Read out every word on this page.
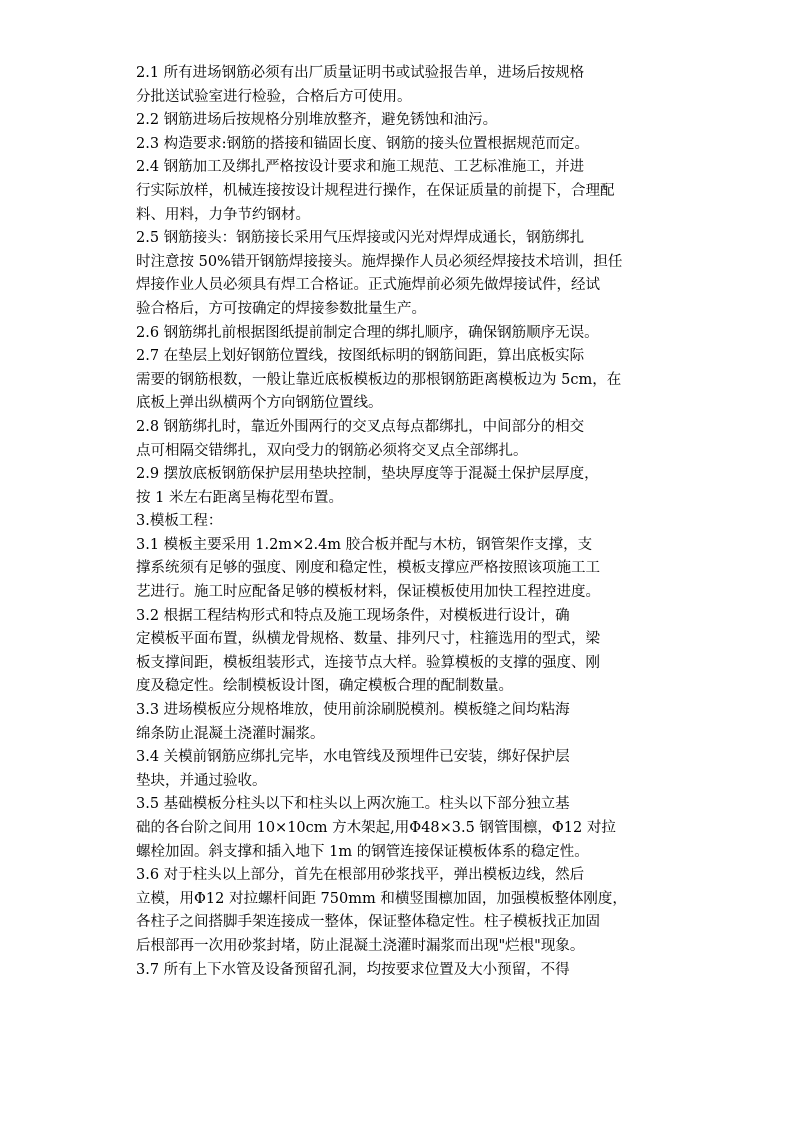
2.1 所有进场钢筋必须有出厂质量证明书或试验报告单，进场后按规格
分批送试验室进行检验，合格后方可使用。
2.2 钢筋进场后按规格分别堆放整齐，避免锈蚀和油污。
2.3 构造要求:钢筋的搭接和锚固长度、钢筋的接头位置根据规范而定。
2.4 钢筋加工及绑扎严格按设计要求和施工规范、工艺标准施工，并进
行实际放样，机械连接按设计规程进行操作，在保证质量的前提下，合理配
料、用料，力争节约钢材。
2.5 钢筋接头：钢筋接长采用气压焊接或闪光对焊焊成通长，钢筋绑扎
时注意按 50%错开钢筋焊接接头。施焊操作人员必须经焊接技术培训，担任
焊接作业人员必须具有焊工合格证。正式施焊前必须先做焊接试件，经试
验合格后，方可按确定的焊接参数批量生产。
2.6 钢筋绑扎前根据图纸提前制定合理的绑扎顺序，确保钢筋顺序无误。
2.7 在垫层上划好钢筋位置线，按图纸标明的钢筋间距，算出底板实际
需要的钢筋根数，一般让靠近底板模板边的那根钢筋距离模板边为 5cm，在
底板上弹出纵横两个方向钢筋位置线。
2.8 钢筋绑扎时，靠近外围两行的交叉点每点都绑扎，中间部分的相交
点可相隔交错绑扎，双向受力的钢筋必须将交叉点全部绑扎。
2.9 摆放底板钢筋保护层用垫块控制，垫块厚度等于混凝土保护层厚度，
按 1 米左右距离呈梅花型布置。
3.模板工程：
3.1 模板主要采用 1.2m×2.4m 胶合板并配与木枋，钢管架作支撑，支
撑系统须有足够的强度、刚度和稳定性，模板支撑应严格按照该项施工工
艺进行。施工时应配备足够的模板材料，保证模板使用加快工程控进度。
3.2 根据工程结构形式和特点及施工现场条件，对模板进行设计，确
定模板平面布置，纵横龙骨规格、数量、排列尺寸，柱箍选用的型式，梁
板支撑间距，模板组装形式，连接节点大样。验算模板的支撑的强度、刚
度及稳定性。绘制模板设计图，确定模板合理的配制数量。
3.3 进场模板应分规格堆放，使用前涂刷脱模剂。模板缝之间均粘海
绵条防止混凝土浇灌时漏浆。
3.4 关模前钢筋应绑扎完毕，水电管线及预埋件已安装，绑好保护层
垫块，并通过验收。
3.5 基础模板分柱头以下和柱头以上两次施工。柱头以下部分独立基
础的各台阶之间用 10×10cm 方木架起,用Φ48×3.5 钢管围檩，Φ12 对拉
螺栓加固。斜支撑和插入地下 1m 的钢管连接保证模板体系的稳定性。
3.6 对于柱头以上部分，首先在根部用砂浆找平，弹出模板边线，然后
立模，用Φ12 对拉螺杆间距 750mm 和横竖围檩加固，加强模板整体刚度，
各柱子之间搭脚手架连接成一整体，保证整体稳定性。柱子模板找正加固
后根部再一次用砂浆封堵，防止混凝土浇灌时漏浆而出现"烂根"现象。
3.7 所有上下水管及设备预留孔洞，均按要求位置及大小预留，不得
